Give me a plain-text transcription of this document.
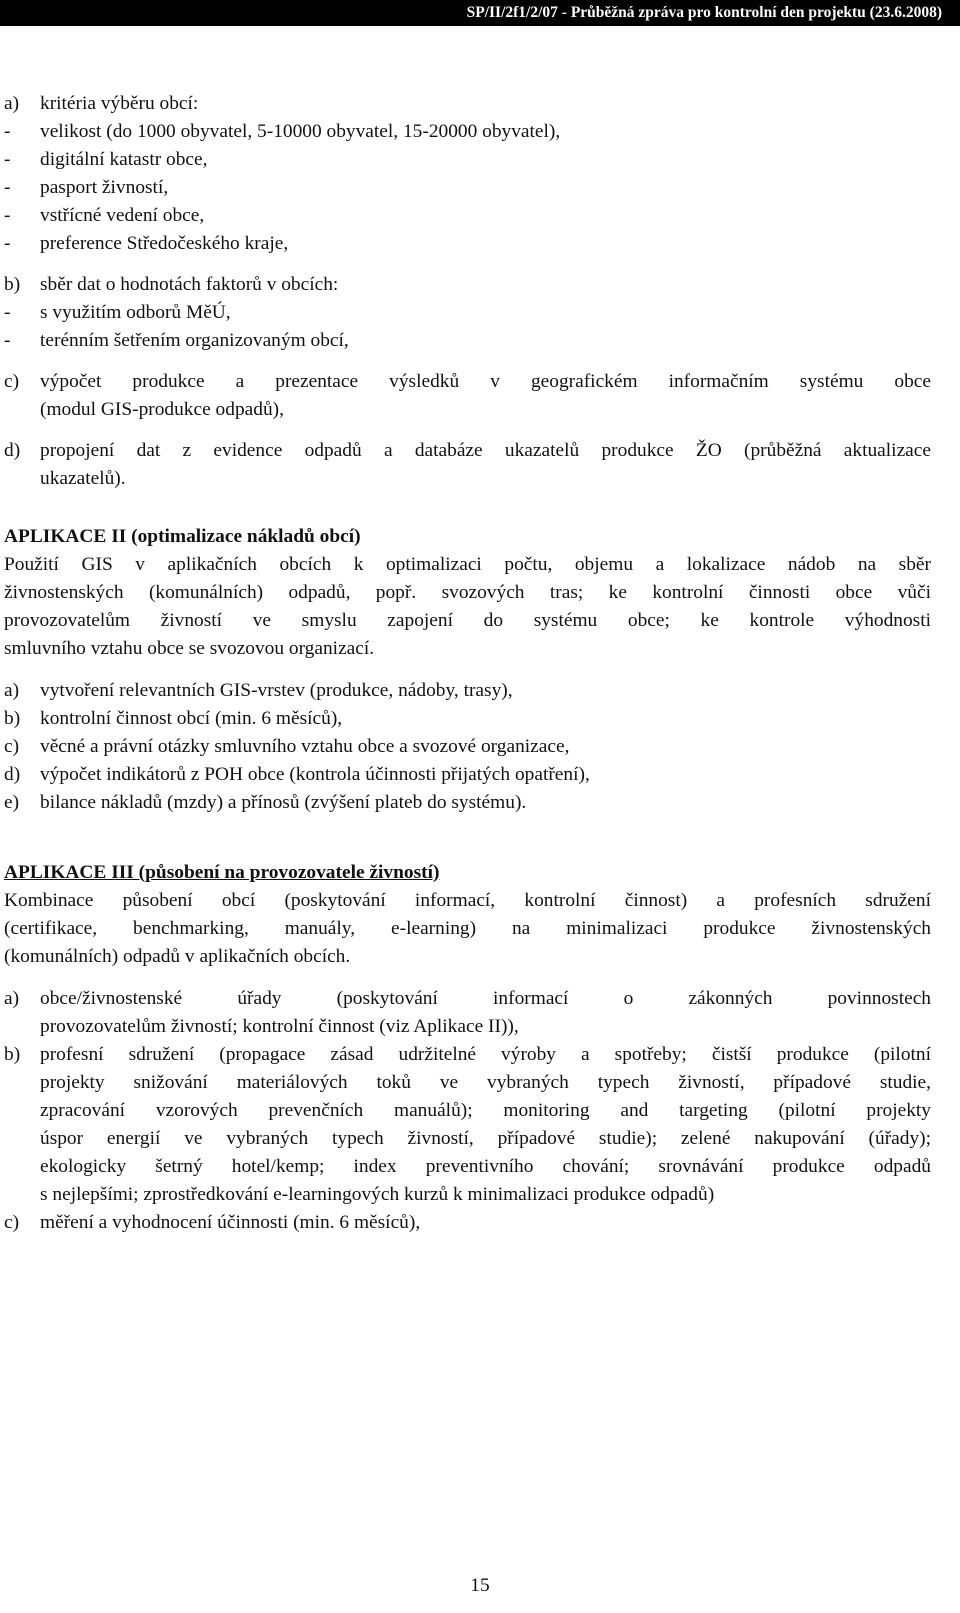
SP/II/2f1/2/07 - Průběžná zpráva pro kontrolní den projektu (23.6.2008)
a) kritéria výběru obcí:
- velikost (do 1000 obyvatel, 5-10000 obyvatel, 15-20000 obyvatel),
- digitální katastr obce,
- pasport živností,
- vstřícné vedení obce,
- preference Středočeského kraje,
b) sběr dat o hodnotách faktorů v obcích:
- s využitím odborů MěÚ,
- terénním šetřením organizovaným obcí,
c) výpočet produkce a prezentace výsledků v geografickém informačním systému obce
(modul GIS-produkce odpadů),
d) propojení dat z evidence odpadů a databáze ukazatelů produkce ŽO (průběžná aktualizace
ukazatelů).
APLIKACE II (optimalizace nákladů obcí)
Použití GIS v aplikačních obcích k optimalizaci počtu, objemu a lokalizace nádob na sběr
živnostenských (komunálních) odpadů, popř. svozových tras; ke kontrolní činnosti obce vůči
provozovatelům živností ve smyslu zapojení do systému obce; ke kontrole výhodnosti
smluvního vztahu obce se svozovou organizací.
a) vytvoření relevantních GIS-vrstev (produkce, nádoby, trasy),
b) kontrolní činnost obcí (min. 6 měsíců),
c) věcné a právní otázky smluvního vztahu obce a svozové organizace,
d) výpočet indikátorů z POH obce (kontrola účinnosti přijatých opatření),
e) bilance nákladů (mzdy) a přínosů (zvýšení plateb do systému).
APLIKACE III (působení na provozovatele živností)
Kombinace působení obcí (poskytování informací, kontrolní činnost) a profesních sdružení
(certifikace, benchmarking, manuály, e-learning) na minimalizaci produkce živnostenských
(komunálních) odpadů v aplikačních obcích.
a) obce/živnostenské úřady (poskytování informací o zákonných povinnostech
provozovatelům živností; kontrolní činnost (viz Aplikace II)),
b) profesní sdružení (propagace zásad udržitelné výroby a spotřeby; čistší produkce (pilotní
projekty snižování materiálových toků ve vybraných typech živností, případové studie,
zpracování vzorových prevenčních manuálů); monitoring and targeting (pilotní projekty
úspor energií ve vybraných typech živností, případové studie); zelené nakupování (úřady);
ekologicky šetrný hotel/kemp; index preventivního chování; srovnávání produkce odpadů
s nejlepšími; zprostředkování e-learningových kurzů k minimalizaci produkce odpadů)
c) měření a vyhodnocení účinnosti (min. 6 měsíců),
15
